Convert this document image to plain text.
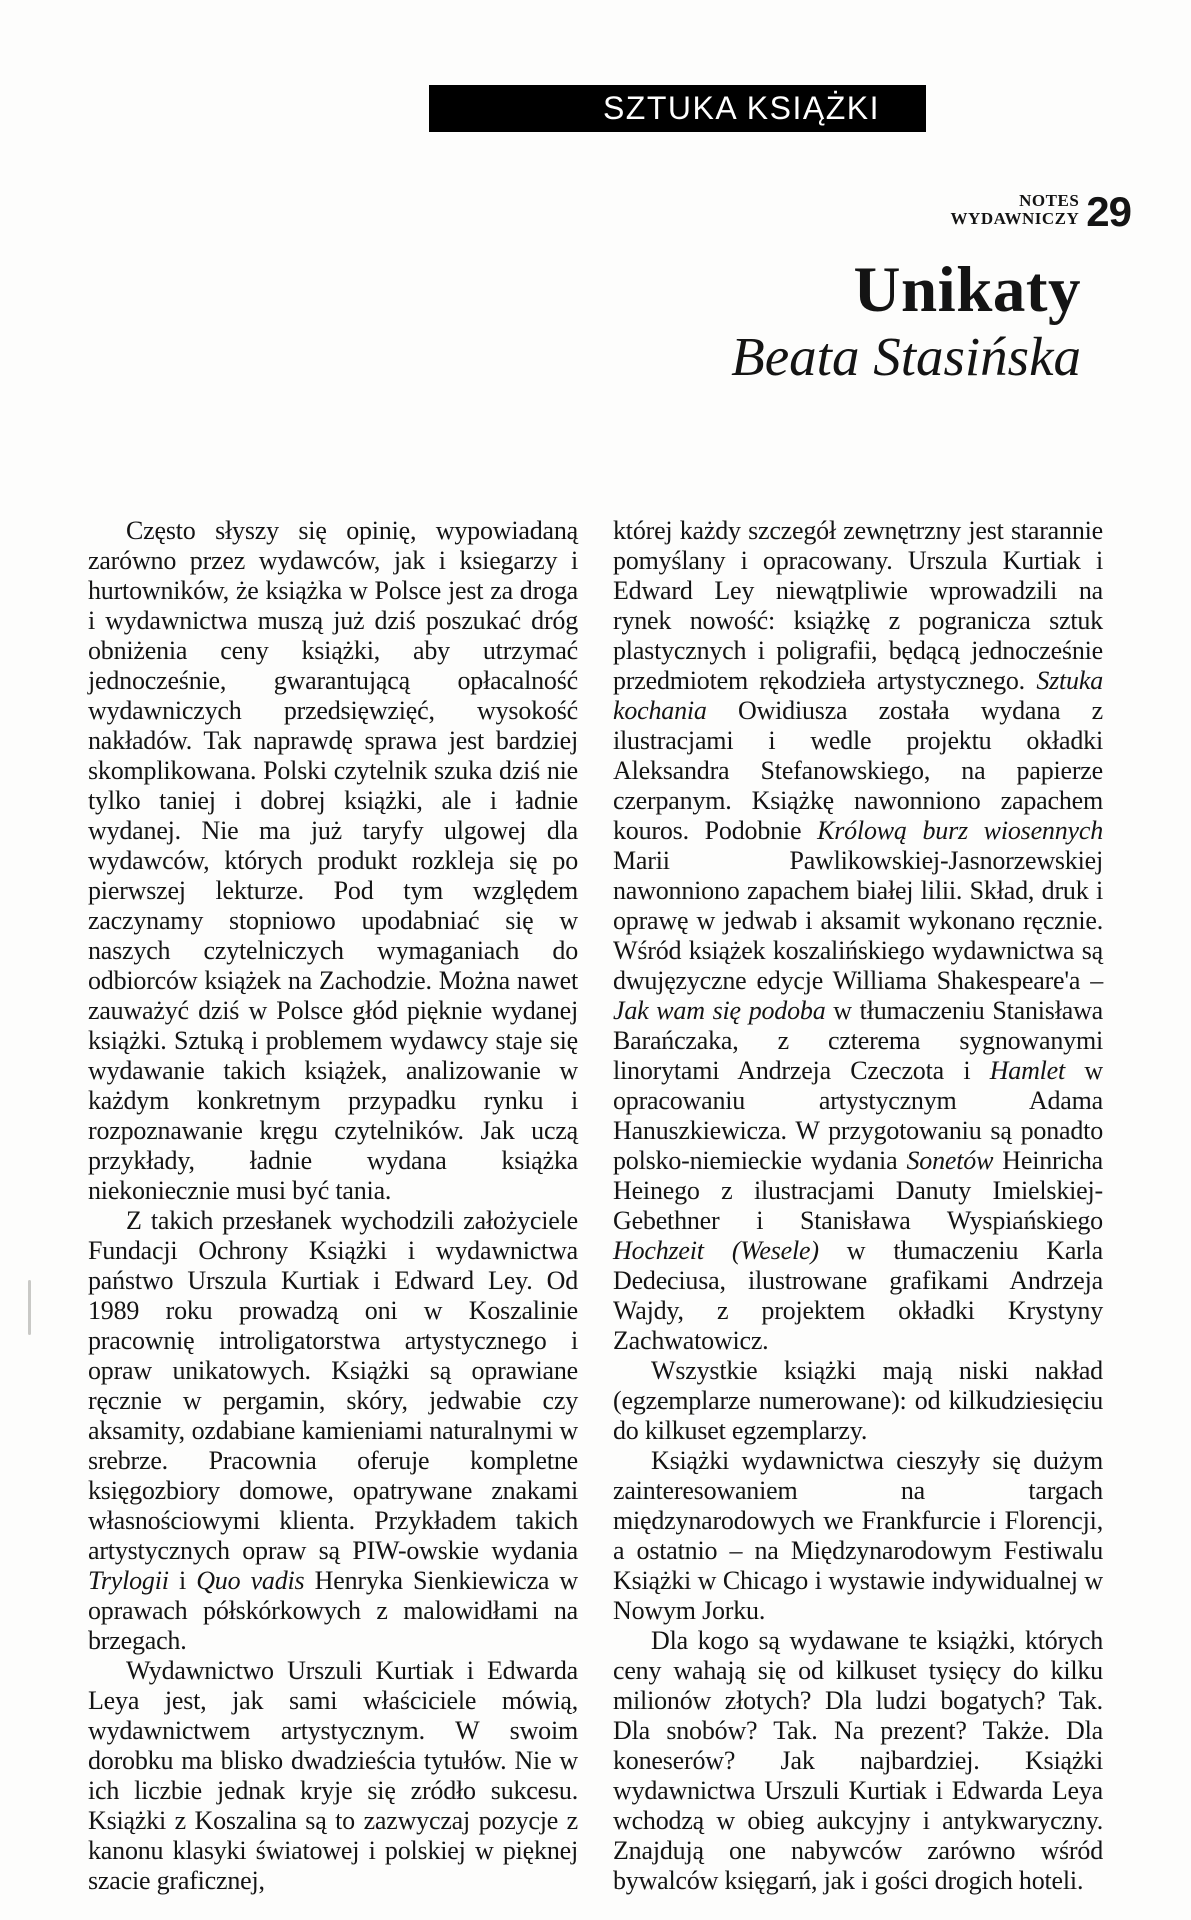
SZTUKA KSIĄŻKI
NOTES
WYDAWNICZY 29
Unikaty
Beata Stasińska

Często słyszy się opinię, wypowiadaną zarówno przez wydawców, jak i ksiegarzy i hurtowników, że książka w Polsce jest za droga i wydawnictwa muszą już dziś poszukać dróg obniżenia ceny książki, aby utrzymać jednocześnie, gwarantującą opłacalność wydawniczych przedsięwzięć, wysokość nakładów. Tak naprawdę sprawa jest bardziej skomplikowana. Polski czytelnik szuka dziś nie tylko taniej i dobrej książki, ale i ładnie wydanej. Nie ma już taryfy ulgowej dla wydawców, których produkt rozkleja się po pierwszej lekturze. Pod tym względem zaczynamy stopniowo upodabniać się w naszych czytelniczych wymaganiach do odbiorców książek na Zachodzie. Można nawet zauważyć dziś w Polsce głód pięknie wydanej książki. Sztuką i problemem wydawcy staje się wydawanie takich książek, analizowanie w każdym konkretnym przypadku rynku i rozpoznawanie kręgu czytelników. Jak uczą przykłady, ładnie wydana książka niekoniecznie musi być tania.

Z takich przesłanek wychodzili założyciele Fundacji Ochrony Książki i wydawnictwa państwo Urszula Kurtiak i Edward Ley. Od 1989 roku prowadzą oni w Koszalinie pracownię introligatorstwa artystycznego i opraw unikatowych. Książki są oprawiane ręcznie w pergamin, skóry, jedwabie czy aksamity, ozdabiane kamieniami naturalnymi w srebrze. Pracownia oferuje kompletne księgozbiory domowe, opatrywane znakami własnościowymi klienta. Przykładem takich artystycznych opraw są PIW-owskie wydania Trylogii i Quo vadis Henryka Sienkiewicza w oprawach półskórkowych z malowidłami na brzegach.

Wydawnictwo Urszuli Kurtiak i Edwarda Leya jest, jak sami właściciele mówią, wydawnictwem artystycznym. W swoim dorobku ma blisko dwadzieścia tytułów. Nie w ich liczbie jednak kryje się zródło sukcesu. Książki z Koszalina są to zazwyczaj pozycje z kanonu klasyki światowej i polskiej w pięknej szacie graficznej,

której każdy szczegół zewnętrzny jest starannie pomyślany i opracowany. Urszula Kurtiak i Edward Ley niewątpliwie wprowadzili na rynek nowość: książkę z pogranicza sztuk plastycznych i poligrafii, będącą jednocześnie przedmiotem rękodzieła artystycznego. Sztuka kochania Owidiusza została wydana z ilustracjami i wedle projektu okładki Aleksandra Stefanowskiego, na papierze czerpanym. Książkę nawonniono zapachem kouros. Podobnie Królową burz wiosennych Marii Pawlikowskiej-Jasnorzewskiej nawonniono zapachem białej lilii. Skład, druk i oprawę w jedwab i aksamit wykonano ręcznie. Wśród książek koszalińskiego wydawnictwa są dwujęzyczne edycje Williama Shakespeare'a – Jak wam się podoba w tłumaczeniu Stanisława Barańczaka, z czterema sygnowanymi linorytami Andrzeja Czeczota i Hamlet w opracowaniu artystycznym Adama Hanuszkiewicza. W przygotowaniu są ponadto polsko-niemieckie wydania Sonetów Heinricha Heinego z ilustracjami Danuty Imielskiej-Gebethner i Stanisława Wyspiańskiego Hochzeit (Wesele) w tłumaczeniu Karla Dedeciusa, ilustrowane grafikami Andrzeja Wajdy, z projektem okładki Krystyny Zachwatowicz.

Wszystkie książki mają niski nakład (egzemplarze numerowane): od kilkudziesięciu do kilkuset egzemplarzy.

Książki wydawnictwa cieszyły się dużym zainteresowaniem na targach międzynarodowych we Frankfurcie i Florencji, a ostatnio – na Międzynarodowym Festiwalu Książki w Chicago i wystawie indywidualnej w Nowym Jorku.

Dla kogo są wydawane te książki, których ceny wahają się od kilkuset tysięcy do kilku milionów złotych? Dla ludzi bogatych? Tak. Dla snobów? Tak. Na prezent? Także. Dla koneserów? Jak najbardziej. Książki wydawnictwa Urszuli Kurtiak i Edwarda Leya wchodzą w obieg aukcyjny i antykwaryczny. Znajdują one nabywców zarówno wśród bywalców księgarń, jak i gości drogich hoteli.
